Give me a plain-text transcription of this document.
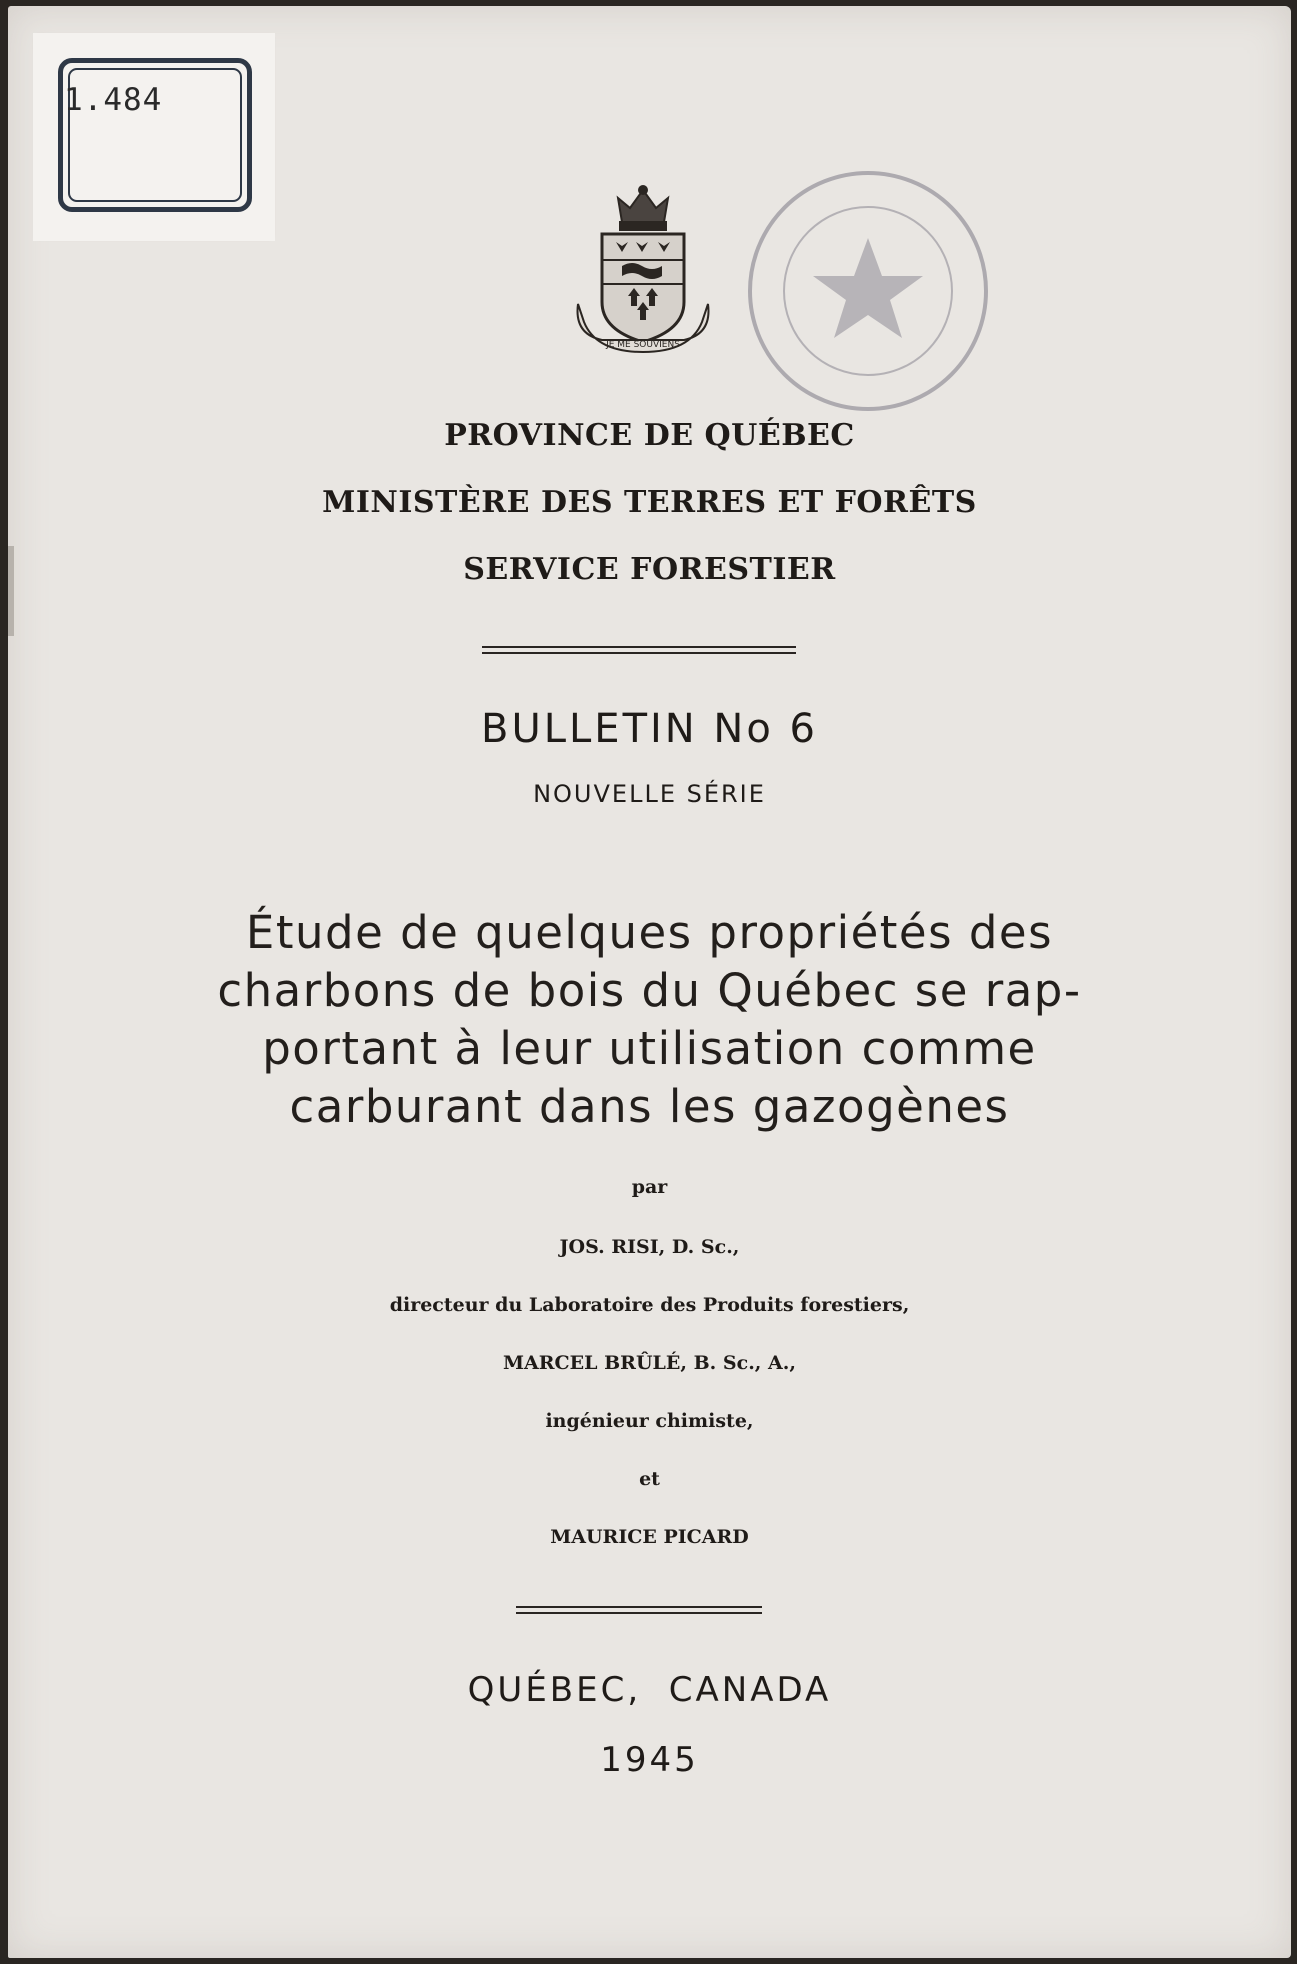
1.484
JE ME SOUVIENS
PROVINCE DE QUÉBEC
MINISTÈRE DES TERRES ET FORÊTS
SERVICE FORESTIER
BULLETIN No 6
NOUVELLE SÉRIE
Étude de quelques propriétés des
charbons de bois du Québec se rap-
portant à leur utilisation comme
carburant dans les gazogènes
par
JOS. RISI, D. Sc.,
directeur du Laboratoire des Produits forestiers,
MARCEL BRÛLÉ, B. Sc., A.,
ingénieur chimiste,
et
MAURICE PICARD
QUÉBEC,  CANADA
1945
